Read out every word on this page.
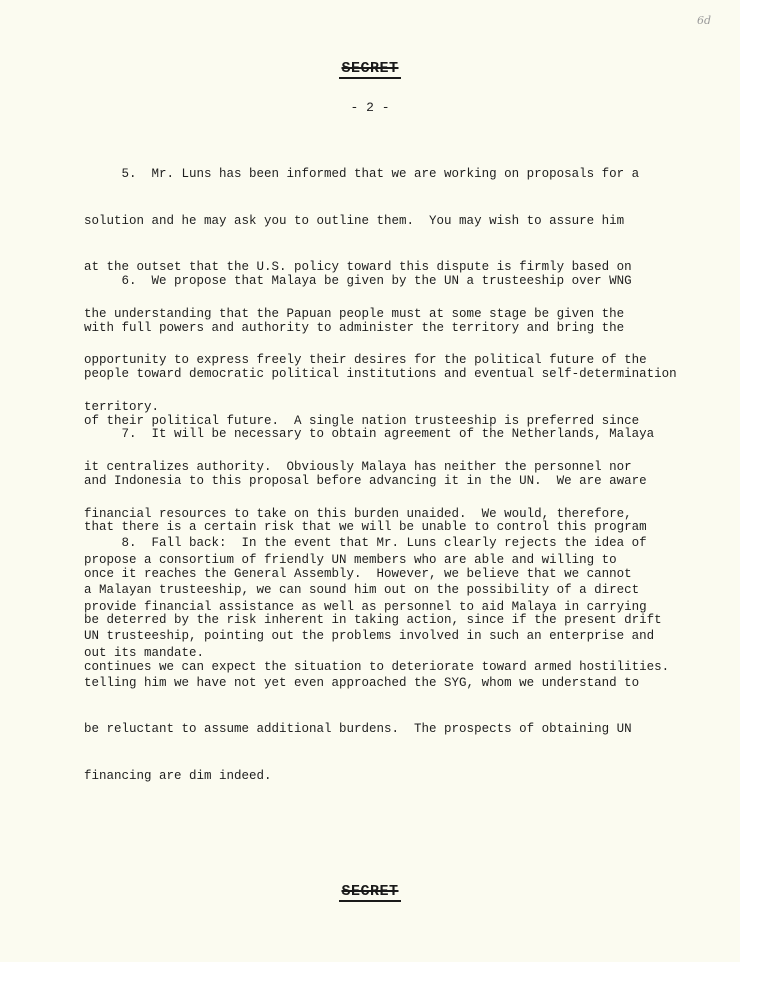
6d
SECRET
- 2 -

5.  Mr. Luns has been informed that we are working on proposals for a

solution and he may ask you to outline them.  You may wish to assure him

at the outset that the U.S. policy toward this dispute is firmly based on

the understanding that the Papuan people must at some stage be given the

opportunity to express freely their desires for the political future of the

territory.

6.  We propose that Malaya be given by the UN a trusteeship over WNG

with full powers and authority to administer the territory and bring the

people toward democratic political institutions and eventual self-determination

of their political future.  A single nation trusteeship is preferred since

it centralizes authority.  Obviously Malaya has neither the personnel nor

financial resources to take on this burden unaided.  We would, therefore,

propose a consortium of friendly UN members who are able and willing to

provide financial assistance as well as personnel to aid Malaya in carrying

out its mandate.

7.  It will be necessary to obtain agreement of the Netherlands, Malaya

and Indonesia to this proposal before advancing it in the UN.  We are aware

that there is a certain risk that we will be unable to control this program

once it reaches the General Assembly.  However, we believe that we cannot

be deterred by the risk inherent in taking action, since if the present drift

continues we can expect the situation to deteriorate toward armed hostilities.

8.  Fall back:  In the event that Mr. Luns clearly rejects the idea of

a Malayan trusteeship, we can sound him out on the possibility of a direct

UN trusteeship, pointing out the problems involved in such an enterprise and

telling him we have not yet even approached the SYG, whom we understand to

be reluctant to assume additional burdens.  The prospects of obtaining UN

financing are dim indeed.

SECRET
